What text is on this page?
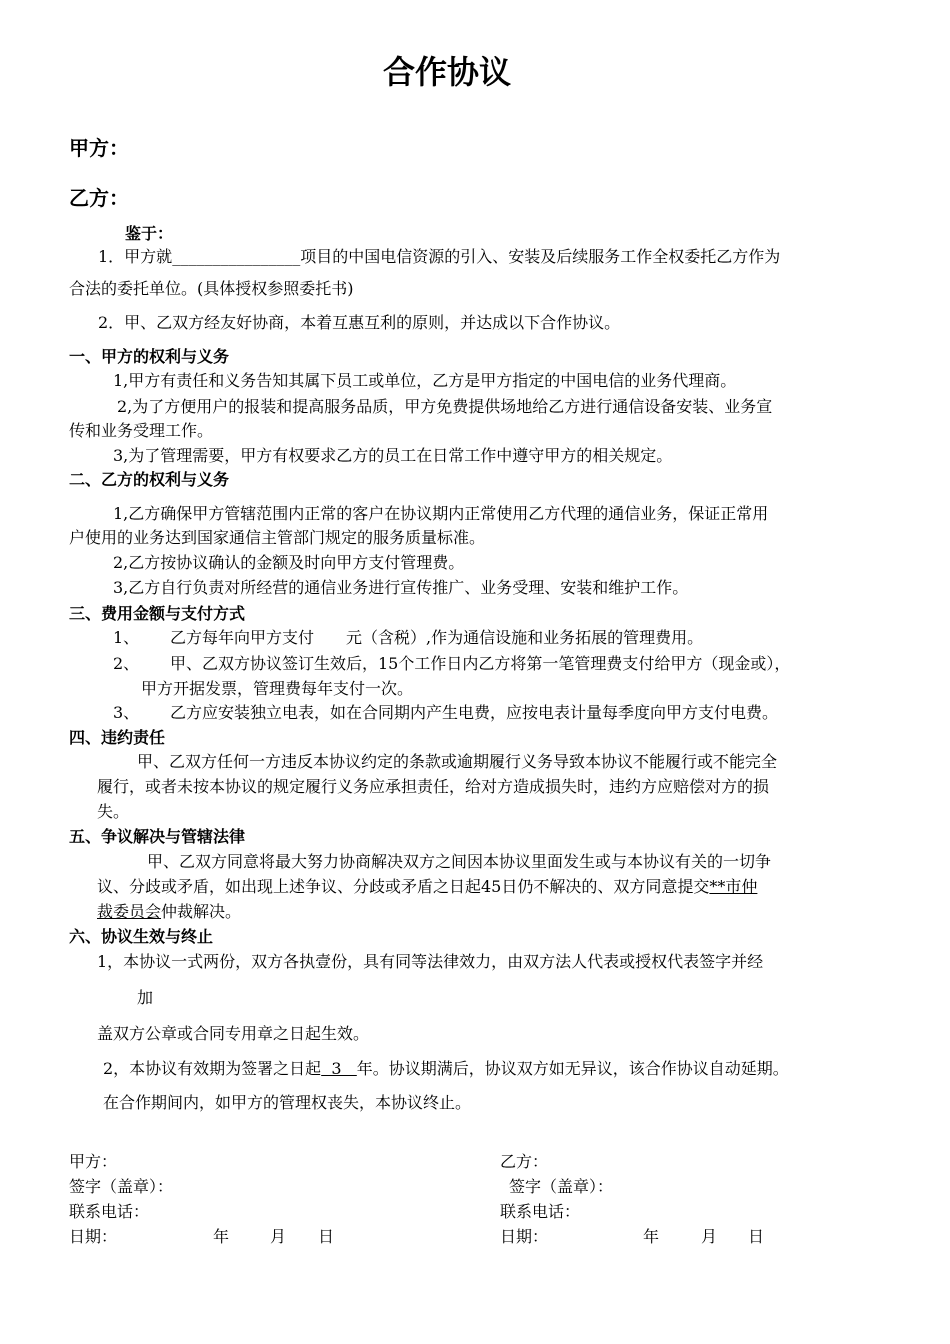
合作协议
甲方：
乙方：
鉴于：
1．甲方就________________项目的中国电信资源的引入、安装及后续服务工作全权委托乙方作为
合法的委托单位。(具体授权参照委托书)
2．甲、乙双方经友好协商，本着互惠互利的原则，并达成以下合作协议。
一、甲方的权利与义务
1,甲方有责任和义务告知其属下员工或单位，乙方是甲方指定的中国电信的业务代理商。
2,为了方便用户的报装和提高服务品质，甲方免费提供场地给乙方进行通信设备安装、业务宣
传和业务受理工作。
3,为了管理需要，甲方有权要求乙方的员工在日常工作中遵守甲方的相关规定。
二、乙方的权利与义务
1,乙方确保甲方管辖范围内正常的客户在协议期内正常使用乙方代理的通信业务，保证正常用
户使用的业务达到国家通信主管部门规定的服务质量标准。
2,乙方按协议确认的金额及时向甲方支付管理费。
3,乙方自行负责对所经营的通信业务进行宣传推广、业务受理、安装和维护工作。
三、费用金额与支付方式
1、 乙方每年向甲方支付　　元（含税）,作为通信设施和业务拓展的管理费用。
2、 甲、乙双方协议签订生效后，15个工作日内乙方将第一笔管理费支付给甲方（现金或），
甲方开据发票，管理费每年支付一次。
3、 乙方应安装独立电表，如在合同期内产生电费，应按电表计量每季度向甲方支付电费。
四、违约责任
甲、乙双方任何一方违反本协议约定的条款或逾期履行义务导致本协议不能履行或不能完全
履行，或者未按本协议的规定履行义务应承担责任，给对方造成损失时，违约方应赔偿对方的损
失。
五、争议解决与管辖法律
甲、乙双方同意将最大努力协商解决双方之间因本协议里面发生或与本协议有关的一切争
议、分歧或矛盾，如出现上述争议、分歧或矛盾之日起45日仍不解决的、双方同意提交**市仲
裁委员会仲裁解决。
六、协议生效与终止
1，本协议一式两份，双方各执壹份，具有同等法律效力，由双方法人代表或授权代表签字并经
加
盖双方公章或合同专用章之日起生效。
2，本协议有效期为签署之日起  3   年。协议期满后，协议双方如无异议，该合作协议自动延期。
在合作期间内，如甲方的管理权丧失，本协议终止。
甲方：
签字（盖章）：
联系电话：
日期：	年	月 日
乙方：
签字（盖章）：
联系电话：
日期：	年	月 日
